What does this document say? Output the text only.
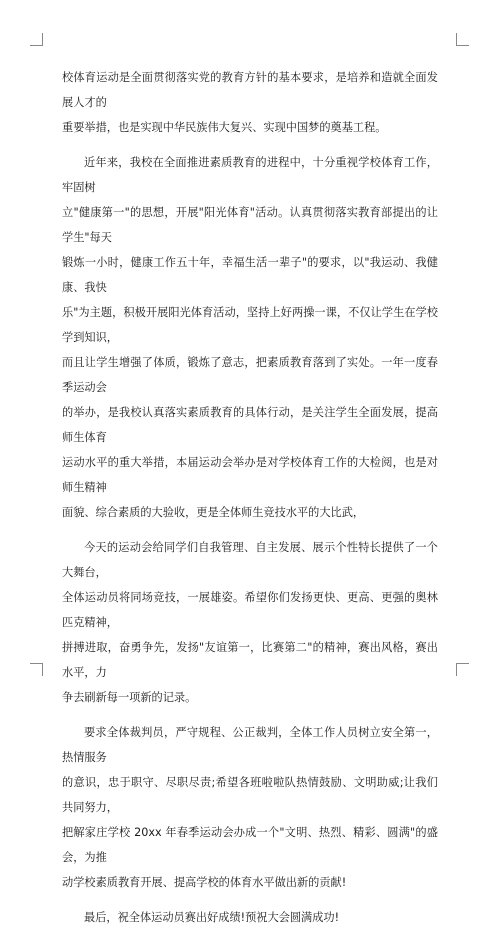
校体育运动是全面贯彻落实党的教育方针的基本要求，是培养和造就全面发展人才的
重要举措，也是实现中华民族伟大复兴、实现中国梦的奠基工程。

近年来，我校在全面推进素质教育的进程中，十分重视学校体育工作，牢固树
立"健康第一"的思想，开展"阳光体育"活动。认真贯彻落实教育部提出的让学生"每天
锻炼一小时，健康工作五十年，幸福生活一辈子"的要求，以"我运动、我健康、我快
乐"为主题，积极开展阳光体育活动，坚持上好两操一课，不仅让学生在学校学到知识，
而且让学生增强了体质，锻炼了意志，把素质教育落到了实处。一年一度春季运动会
的举办，是我校认真落实素质教育的具体行动，是关注学生全面发展，提高师生体育
运动水平的重大举措，本届运动会举办是对学校体育工作的大检阅，也是对师生精神
面貌、综合素质的大验收，更是全体师生竞技水平的大比武，

今天的运动会给同学们自我管理、自主发展、展示个性特长提供了一个大舞台，
全体运动员将同场竞技，一展雄姿。希望你们发扬更快、更高、更强的奥林匹克精神，
拼搏进取，奋勇争先，发扬"友谊第一，比赛第二"的精神，赛出风格，赛出水平，力
争去刷新每一项新的记录。

要求全体裁判员，严守规程、公正裁判，全体工作人员树立安全第一，热情服务
的意识，忠于职守、尽职尽责;希望各班啦啦队热情鼓励、文明助威;让我们共同努力，
把解家庄学校 20xx 年春季运动会办成一个"文明、热烈、精彩、圆满"的盛会，为推
动学校素质教育开展、提高学校的体育水平做出新的贡献!

最后，祝全体运动员赛出好成绩!预祝大会圆满成功!
